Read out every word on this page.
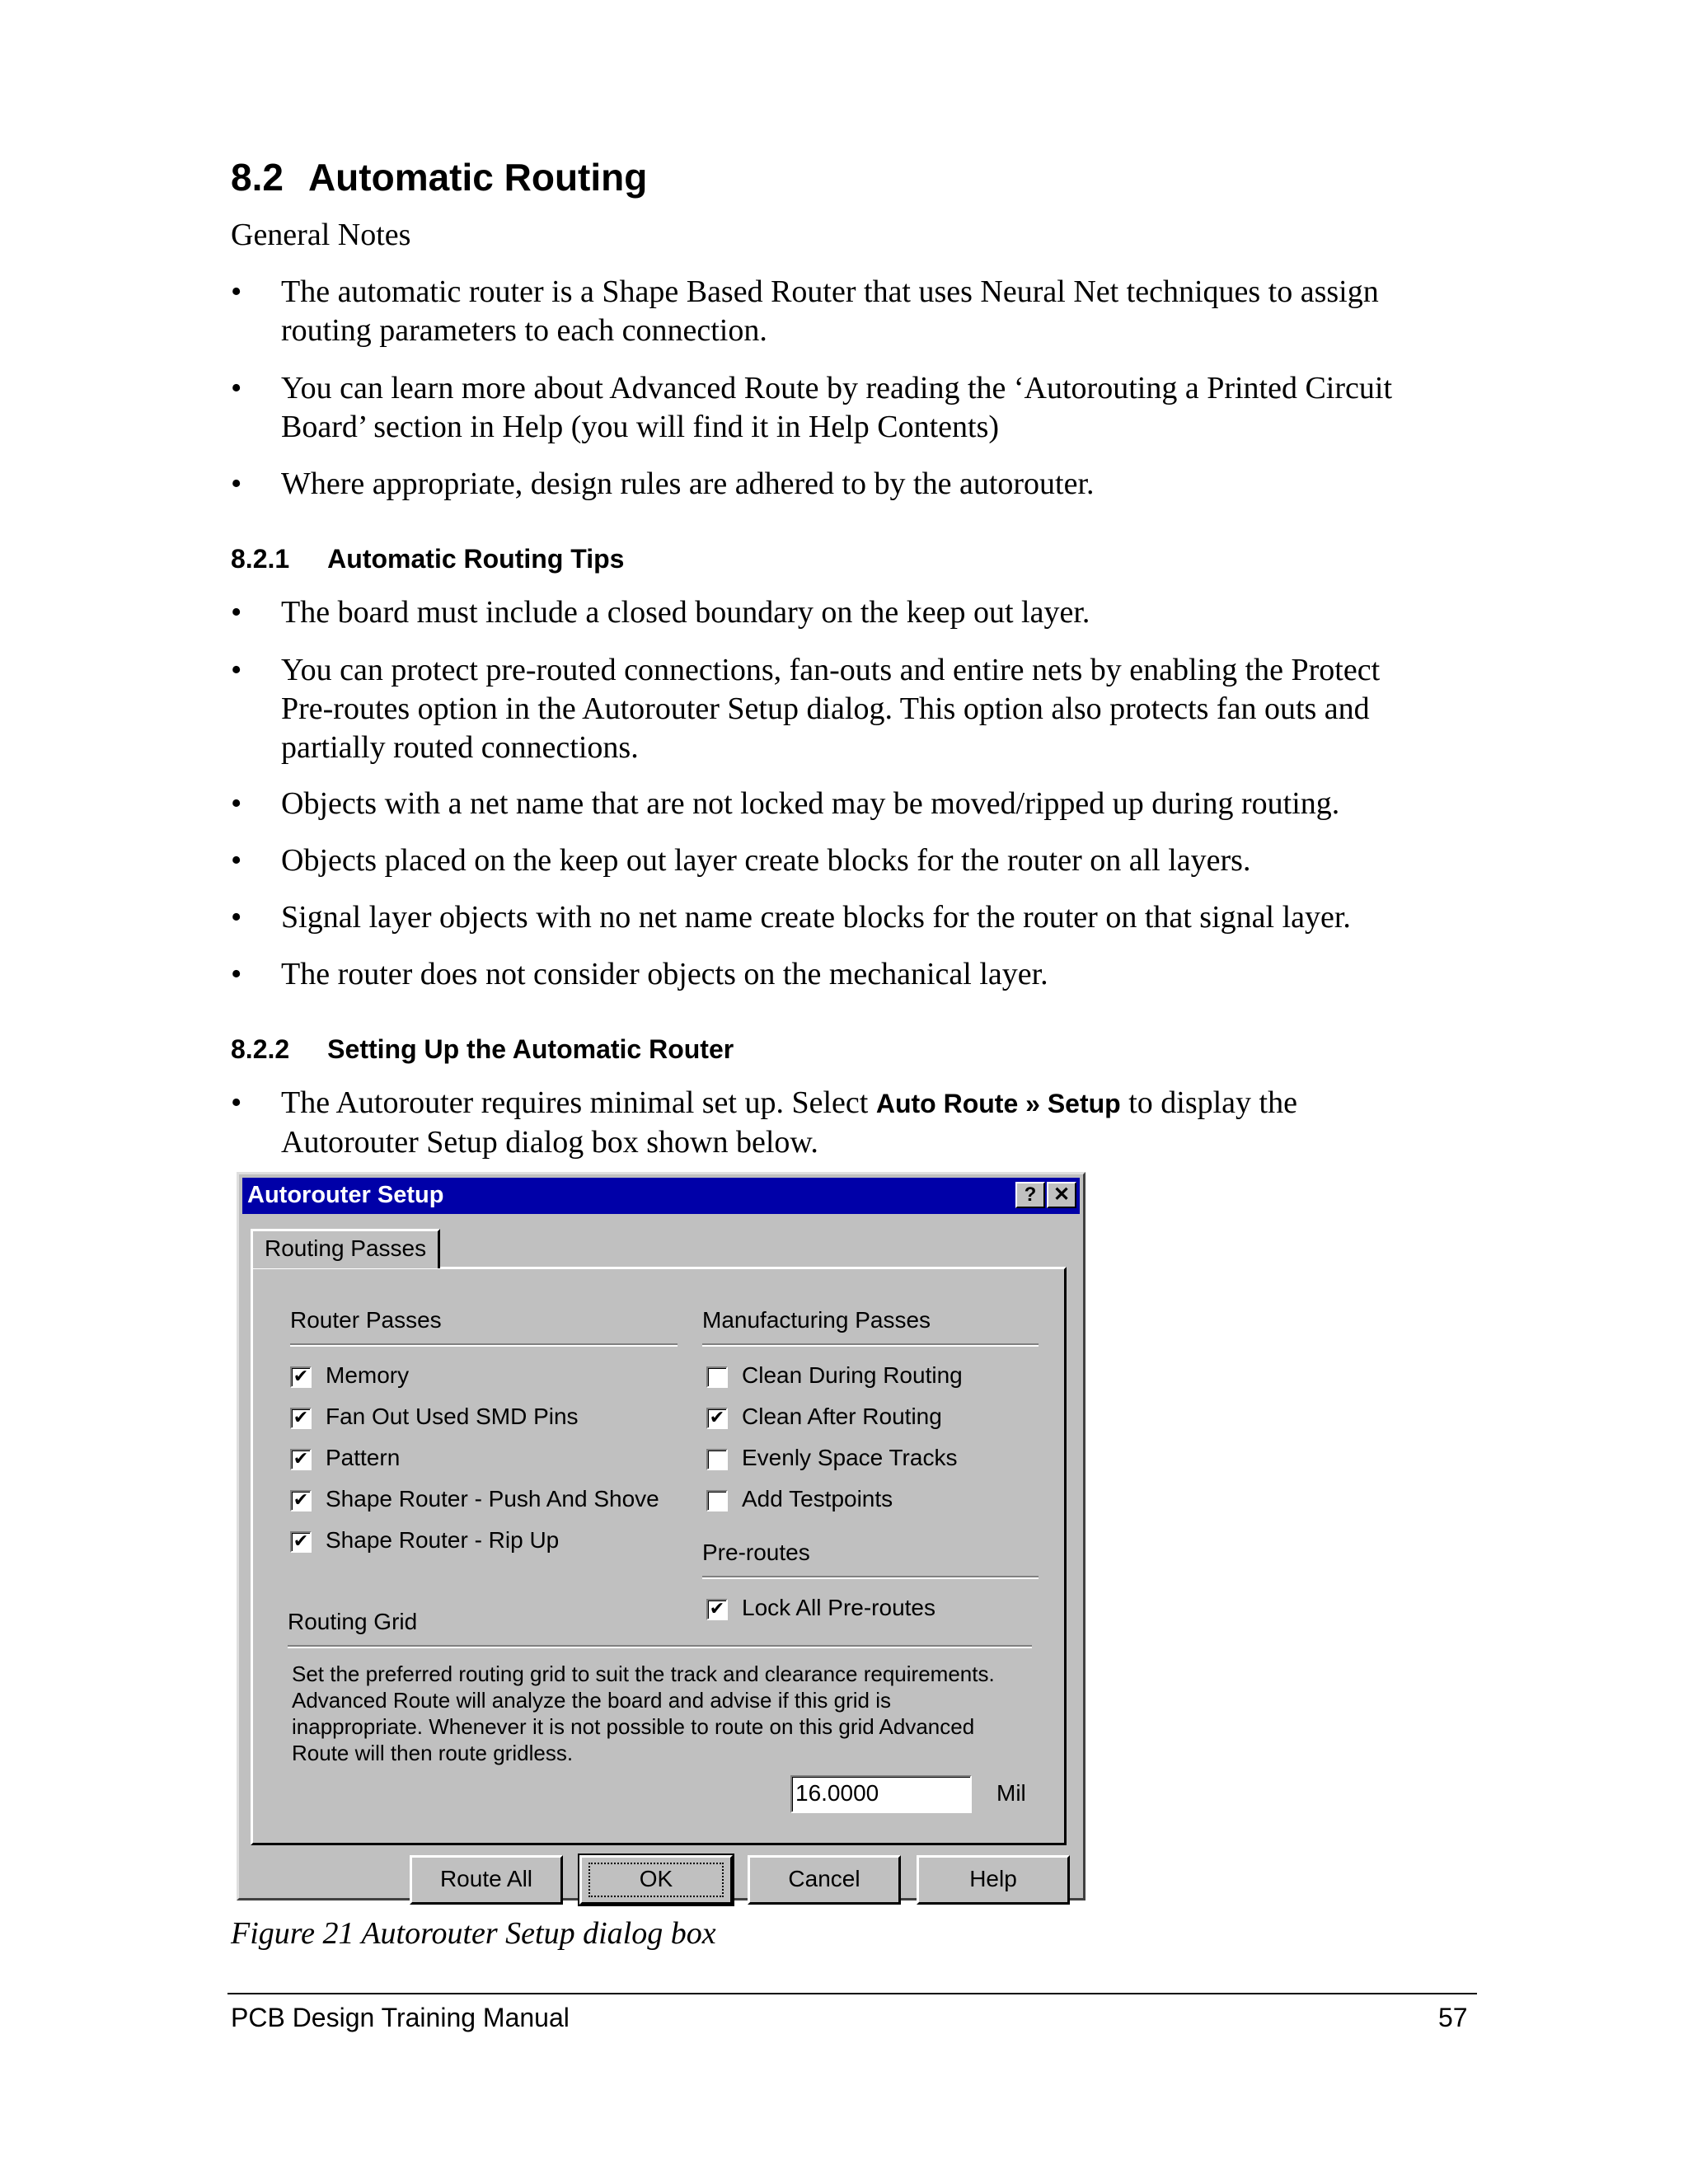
8.2 Automatic Routing
General Notes
• The automatic router is a Shape Based Router that uses Neural Net techniques to assign
routing parameters to each connection.
• You can learn more about Advanced Route by reading the ‘Autorouting a Printed Circuit
Board’ section in Help (you will find it in Help Contents)
• Where appropriate, design rules are adhered to by the autorouter.
8.2.1 Automatic Routing Tips
• The board must include a closed boundary on the keep out layer.
• You can protect pre-routed connections, fan-outs and entire nets by enabling the Protect
Pre-routes option in the Autorouter Setup dialog. This option also protects fan outs and
partially routed connections.
• Objects with a net name that are not locked may be moved/ripped up during routing.
• Objects placed on the keep out layer create blocks for the router on all layers.
• Signal layer objects with no net name create blocks for the router on that signal layer.
• The router does not consider objects on the mechanical layer.
8.2.2 Setting Up the Automatic Router
• The Autorouter requires minimal set up. Select Auto Route » Setup to display the
Autorouter Setup dialog box shown below.
Autorouter Setup	? ✕
Routing Passes
Router Passes
✔ Memory
✔ Fan Out Used SMD Pins
✔ Pattern
✔ Shape Router - Push And Shove
✔ Shape Router - Rip Up
Manufacturing Passes
Clean During Routing
✔ Clean After Routing
Evenly Space Tracks
Add Testpoints
Pre-routes
✔ Lock All Pre-routes
Routing Grid
Set the preferred routing grid to suit the track and clearance requirements.
Advanced Route will analyze the board and advise if this grid is
inappropriate. Whenever it is not possible to route on this grid Advanced
Route will then route gridless.
16.0000	Mil
Route All	OK	Cancel	Help
Figure 21 Autorouter Setup dialog box
PCB Design Training Manual	57
